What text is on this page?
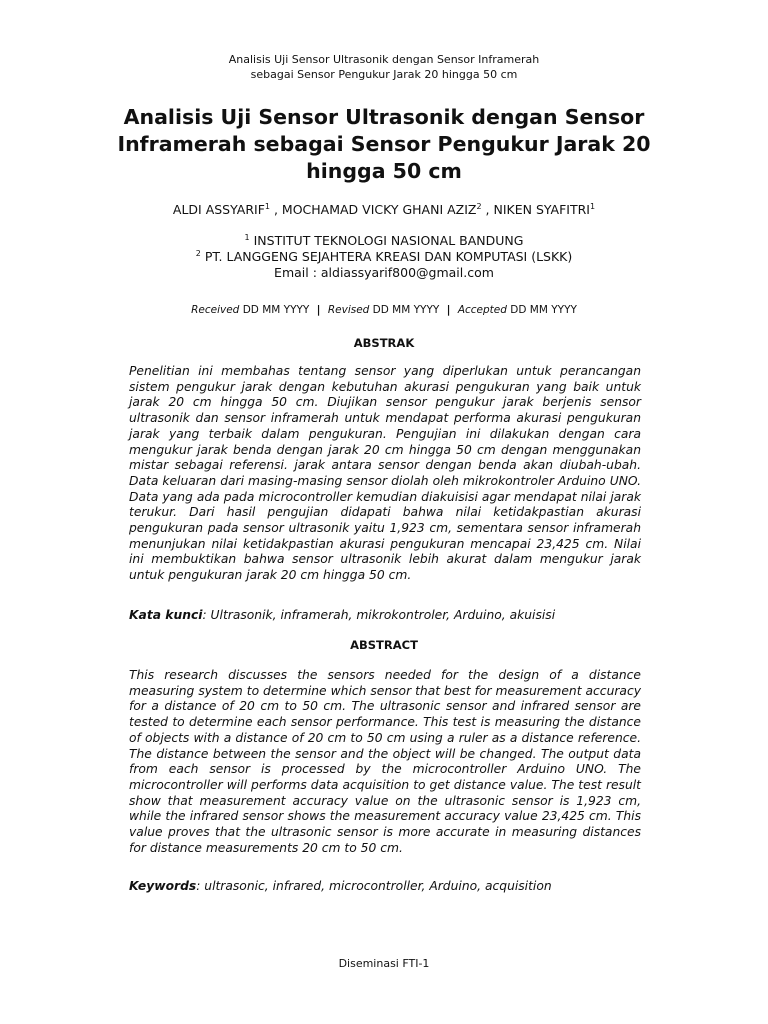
Analisis Uji Sensor Ultrasonik dengan Sensor Inframerah
sebagai Sensor Pengukur Jarak 20 hingga 50 cm
Analisis Uji Sensor Ultrasonik dengan Sensor Inframerah sebagai Sensor Pengukur Jarak 20 hingga 50 cm
ALDI ASSYARIF$^1$ , MOCHAMAD VICKY GHANI AZIZ$^2$ , NIKEN SYAFITRI$^1$
$^1$ INSTITUT TEKNOLOGI NASIONAL BANDUNG
$^2$ PT. LANGGENG SEJAHTERA KREASI DAN KOMPUTASI (LSKK)
Email : aldiassyarif800@gmail.com
Received DD MM YYYY | Revised DD MM YYYY | Accepted DD MM YYYY
ABSTRAK
Penelitian ini membahas tentang sensor yang diperlukan untuk perancangan sistem pengukur jarak dengan kebutuhan akurasi pengukuran yang baik untuk jarak 20 cm hingga 50 cm. Diujikan sensor pengukur jarak berjenis sensor ultrasonik dan sensor inframerah untuk mendapat performa akurasi pengukuran jarak yang terbaik dalam pengukuran. Pengujian ini dilakukan dengan cara mengukur jarak benda dengan jarak 20 cm hingga 50 cm dengan menggunakan mistar sebagai referensi. jarak antara sensor dengan benda akan diubah-ubah. Data keluaran dari masing-masing sensor diolah oleh mikrokontroler Arduino UNO. Data yang ada pada microcontroller kemudian diakuisisi agar mendapat nilai jarak terukur. Dari hasil pengujian didapati bahwa nilai ketidakpastian akurasi pengukuran pada sensor ultrasonik yaitu 1,923 cm, sementara sensor inframerah menunjukan nilai ketidakpastian akurasi pengukuran mencapai 23,425 cm. Nilai ini membuktikan bahwa sensor ultrasonik lebih akurat dalam mengukur jarak untuk pengukuran jarak 20 cm hingga 50 cm.
Kata kunci: Ultrasonik, inframerah, mikrokontroler, Arduino, akuisisi
ABSTRACT
This research discusses the sensors needed for the design of a distance measuring system to determine which sensor that best for measurement accuracy for a distance of 20 cm to 50 cm. The ultrasonic sensor and infrared sensor are tested to determine each sensor performance. This test is measuring the distance of objects with a distance of 20 cm to 50 cm using a ruler as a distance reference. The distance between the sensor and the object will be changed. The output data from each sensor is processed by the microcontroller Arduino UNO. The microcontroller will performs data acquisition to get distance value. The test result show that measurement accuracy value on the ultrasonic sensor is 1,923 cm, while the infrared sensor shows the measurement accuracy value 23,425 cm. This value proves that the ultrasonic sensor is more accurate in measuring distances for distance measurements 20 cm to 50 cm.
Keywords: ultrasonic, infrared, microcontroller, Arduino, acquisition
Diseminasi FTI-1
